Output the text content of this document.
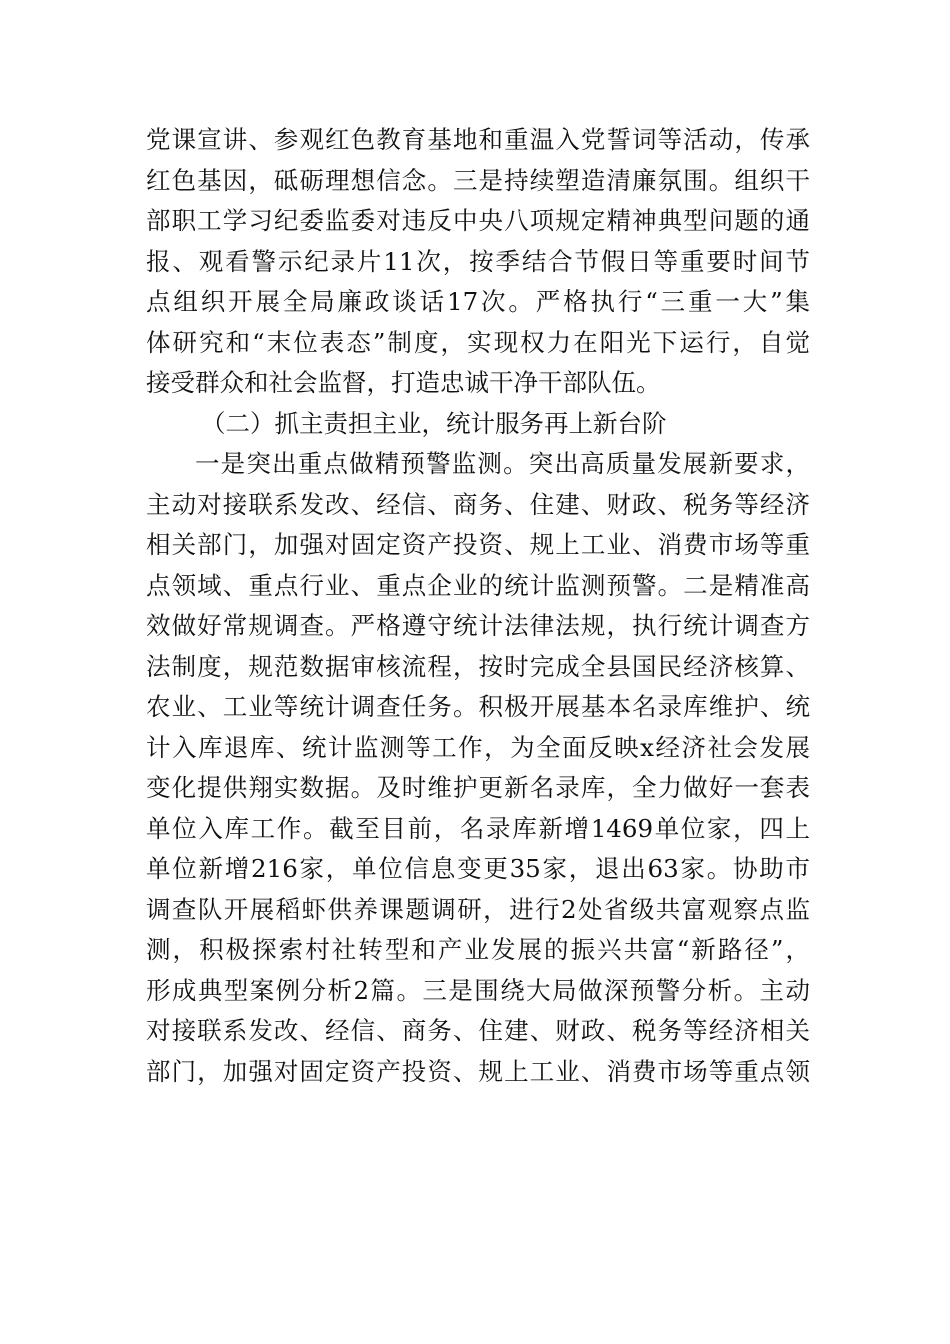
党课宣讲、参观红色教育基地和重温入党誓词等活动，传承
红色基因，砥砺理想信念。三是持续塑造清廉氛围。组织干
部职工学习纪委监委对违反中央八项规定精神典型问题的通
报、观看警示纪录片11次，按季结合节假日等重要时间节
点组织开展全局廉政谈话17次。严格执行“三重一大”集
体研究和“末位表态”制度，实现权力在阳光下运行，自觉
接受群众和社会监督，打造忠诚干净干部队伍。
（二）抓主责担主业，统计服务再上新台阶
一是突出重点做精预警监测。突出高质量发展新要求，
主动对接联系发改、经信、商务、住建、财政、税务等经济
相关部门，加强对固定资产投资、规上工业、消费市场等重
点领域、重点行业、重点企业的统计监测预警。二是精准高
效做好常规调查。严格遵守统计法律法规，执行统计调查方
法制度，规范数据审核流程，按时完成全县国民经济核算、
农业、工业等统计调查任务。积极开展基本名录库维护、统
计入库退库、统计监测等工作，为全面反映x经济社会发展
变化提供翔实数据。及时维护更新名录库，全力做好一套表
单位入库工作。截至目前，名录库新增1469单位家，四上
单位新增216家，单位信息变更35家，退出63家。协助市
调查队开展稻虾供养课题调研，进行2处省级共富观察点监
测，积极探索村社转型和产业发展的振兴共富“新路径”，
形成典型案例分析2篇。三是围绕大局做深预警分析。主动
对接联系发改、经信、商务、住建、财政、税务等经济相关
部门，加强对固定资产投资、规上工业、消费市场等重点领
